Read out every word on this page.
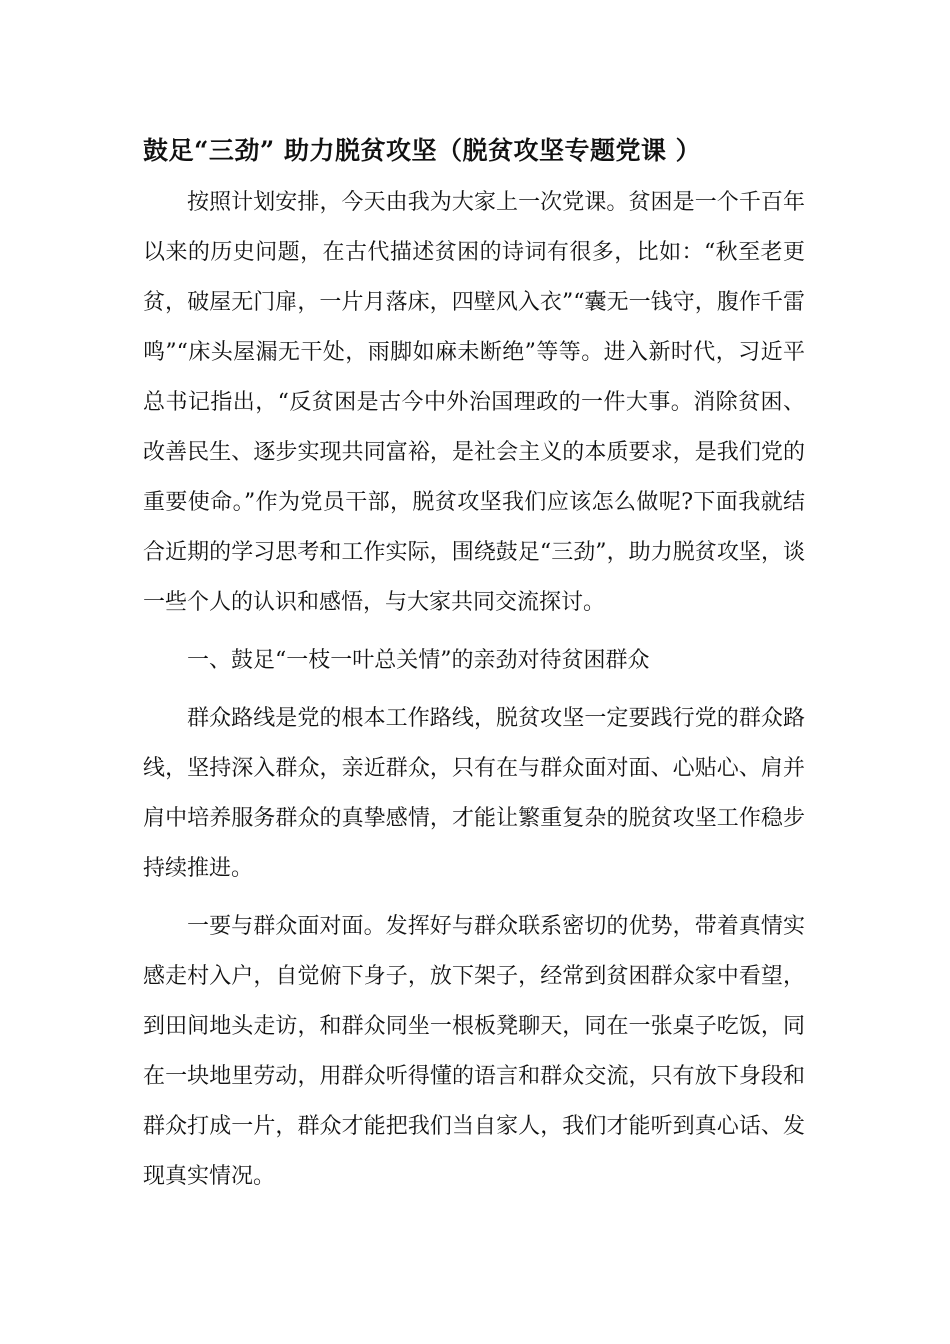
鼓足“三劲” 助力脱贫攻坚（脱贫攻坚专题党课 ）

按照计划安排，今天由我为大家上一次党课。贫困是一个千百年以来的历史问题，在古代描述贫困的诗词有很多，比如：“秋至老更贫，破屋无门扉，一片月落床，四壁风入衣”“囊无一钱守，腹作千雷鸣”“床头屋漏无干处，雨脚如麻未断绝”等等。进入新时代，习近平总书记指出，“反贫困是古今中外治国理政的一件大事。消除贫困、改善民生、逐步实现共同富裕，是社会主义的本质要求，是我们党的重要使命。”作为党员干部，脱贫攻坚我们应该怎么做呢?下面我就结合近期的学习思考和工作实际，围绕鼓足“三劲”，助力脱贫攻坚，谈一些个人的认识和感悟，与大家共同交流探讨。

一、鼓足“一枝一叶总关情”的亲劲对待贫困群众

群众路线是党的根本工作路线，脱贫攻坚一定要践行党的群众路线，坚持深入群众，亲近群众，只有在与群众面对面、心贴心、肩并肩中培养服务群众的真挚感情，才能让繁重复杂的脱贫攻坚工作稳步持续推进。

一要与群众面对面。发挥好与群众联系密切的优势，带着真情实感走村入户，自觉俯下身子，放下架子，经常到贫困群众家中看望，到田间地头走访，和群众同坐一根板凳聊天，同在一张桌子吃饭，同在一块地里劳动，用群众听得懂的语言和群众交流，只有放下身段和群众打成一片，群众才能把我们当自家人，我们才能听到真心话、发现真实情况。
